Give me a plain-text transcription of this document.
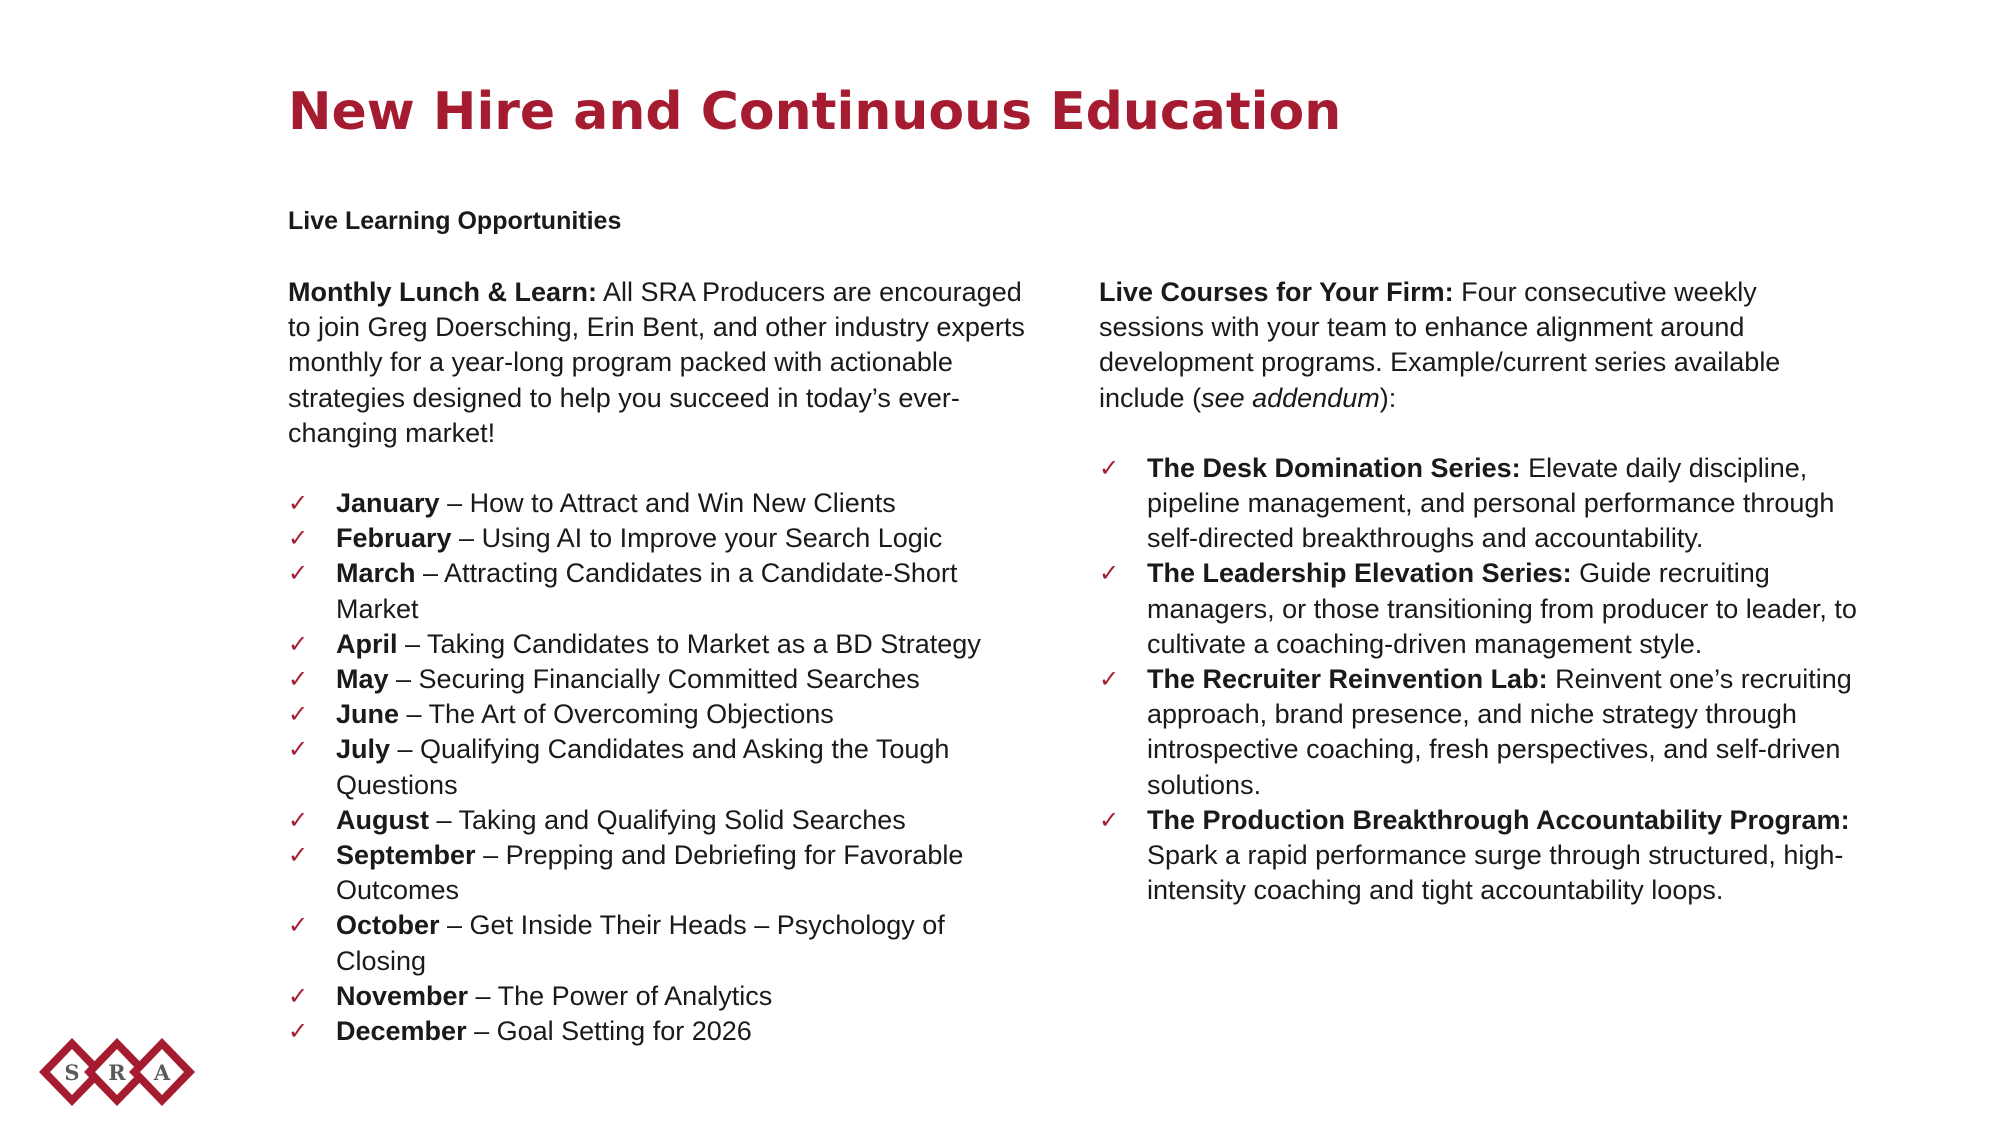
New Hire and Continuous Education
Live Learning Opportunities

Monthly Lunch & Learn: All SRA Producers are encouraged to join Greg Doersching, Erin Bent, and other industry experts monthly for a year-long program packed with actionable strategies designed to help you succeed in today’s ever-changing market!

✓ January – How to Attract and Win New Clients
✓ February – Using AI to Improve your Search Logic
✓ March – Attracting Candidates in a Candidate-Short Market
✓ April – Taking Candidates to Market as a BD Strategy
✓ May – Securing Financially Committed Searches
✓ June – The Art of Overcoming Objections
✓ July – Qualifying Candidates and Asking the Tough Questions
✓ August – Taking and Qualifying Solid Searches
✓ September – Prepping and Debriefing for Favorable Outcomes
✓ October – Get Inside Their Heads – Psychology of Closing
✓ November – The Power of Analytics
✓ December – Goal Setting for 2026

Live Courses for Your Firm: Four consecutive weekly sessions with your team to enhance alignment around development programs. Example/current series available include (see addendum):

✓ The Desk Domination Series: Elevate daily discipline, pipeline management, and personal performance through self-directed breakthroughs and accountability.
✓ The Leadership Elevation Series: Guide recruiting managers, or those transitioning from producer to leader, to cultivate a coaching-driven management style.
✓ The Recruiter Reinvention Lab: Reinvent one’s recruiting approach, brand presence, and niche strategy through introspective coaching, fresh perspectives, and self-driven solutions.
✓ The Production Breakthrough Accountability Program: Spark a rapid performance surge through structured, high-intensity coaching and tight accountability loops.
S R A
